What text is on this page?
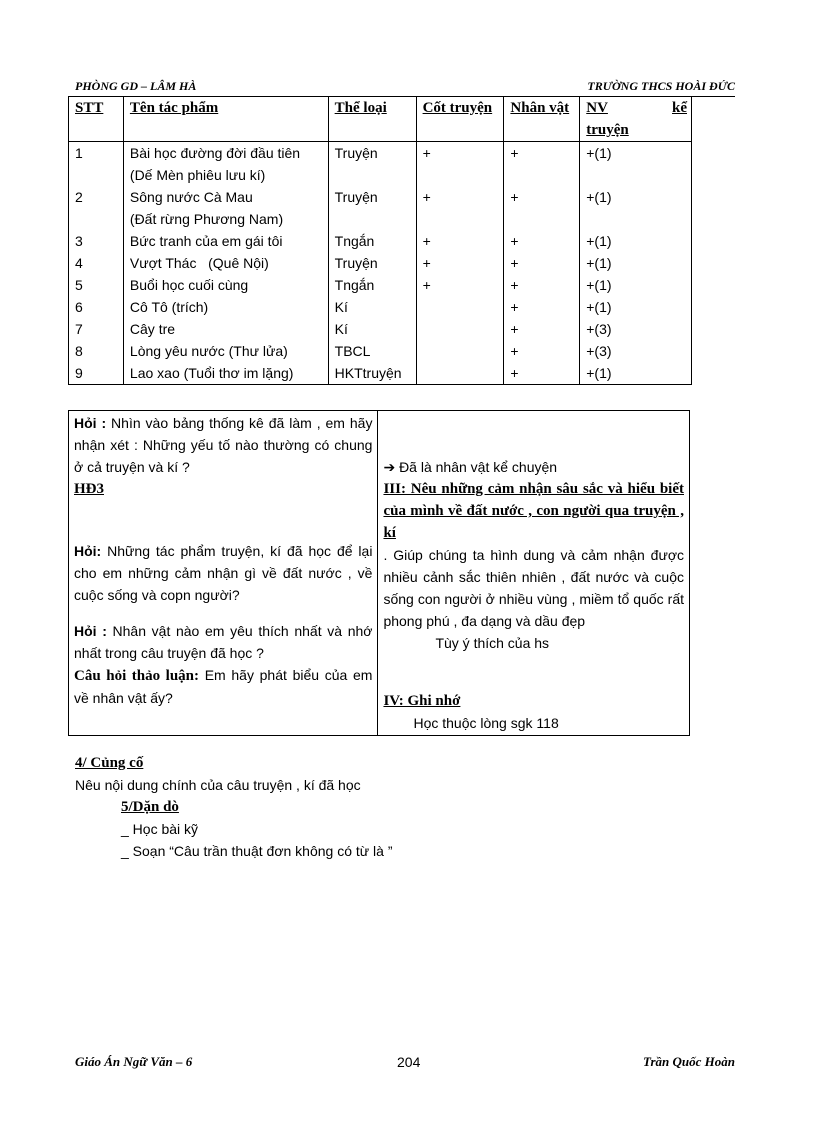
PHÒNG GD – LÂM HÀ	TRƯỜNG THCS HOÀI ĐỨC
STT	Tên tác phẩm	Thể loại	Cốt truyện	Nhân vật	NV kể
truyện

1	Bài học đường đời đầu tiên
(Dế Mèn phiêu lưu kí)	Truyện	+	+	+(1)
2	Sông nước Cà Mau
(Đất rừng Phương Nam)	Truyện	+	+	+(1)
3	Bức tranh của em gái tôi	Tngắn	+	+	+(1)
4	Vượt Thác   (Quê Nội)	Truyện	+	+	+(1)
5	Buổi học cuối cùng	Tngắn	+	+	+(1)
6	Cô Tô (trích)	Kí		+	+(1)
7	Cây tre	Kí		+	+(3)
8	Lòng yêu nước (Thư lửa)	TBCL		+	+(3)
9	Lao xao (Tuổi thơ im lặng)	HKTtruyện		+	+(1)
Hỏi : Nhìn vào bảng thống kê đã làm , em hãy nhận xét : Những yếu tố nào thường có chung ở cả truyện và kí ?
HĐ3
Hỏi: Những tác phẩm truyện, kí đã học để lại cho em những cảm nhận gì về đất nước , về cuộc sống và copn người?
Hỏi : Nhân vật nào em yêu thích nhất và nhớ nhất trong câu truyện đã học ?
Câu hỏi thảo luận: Em hãy phát biểu của em về nhân vật ấy?

➔ Đã là nhân vật kể chuyện
III: Nêu những cảm nhận sâu sắc và hiểu biết của mình về đất nước , con người qua truyện , kí
. Giúp chúng ta hình dung và cảm nhận được nhiều cảnh sắc thiên nhiên , đất nước và cuộc sống con người ở nhiều vùng , miềm tổ quốc rất phong phú , đa dạng và dầu đẹp
Tùy ý thích của hs
IV: Ghi nhớ
Học thuộc lòng sgk 118
4/ Củng cố
Nêu nội dung chính của câu truyện , kí đã học
5/Dặn dò
_ Học bài kỹ
_ Soạn “Câu trần thuật đơn không có từ là ”
Giáo Án Ngữ Văn – 6	204	Trần Quốc Hoàn
